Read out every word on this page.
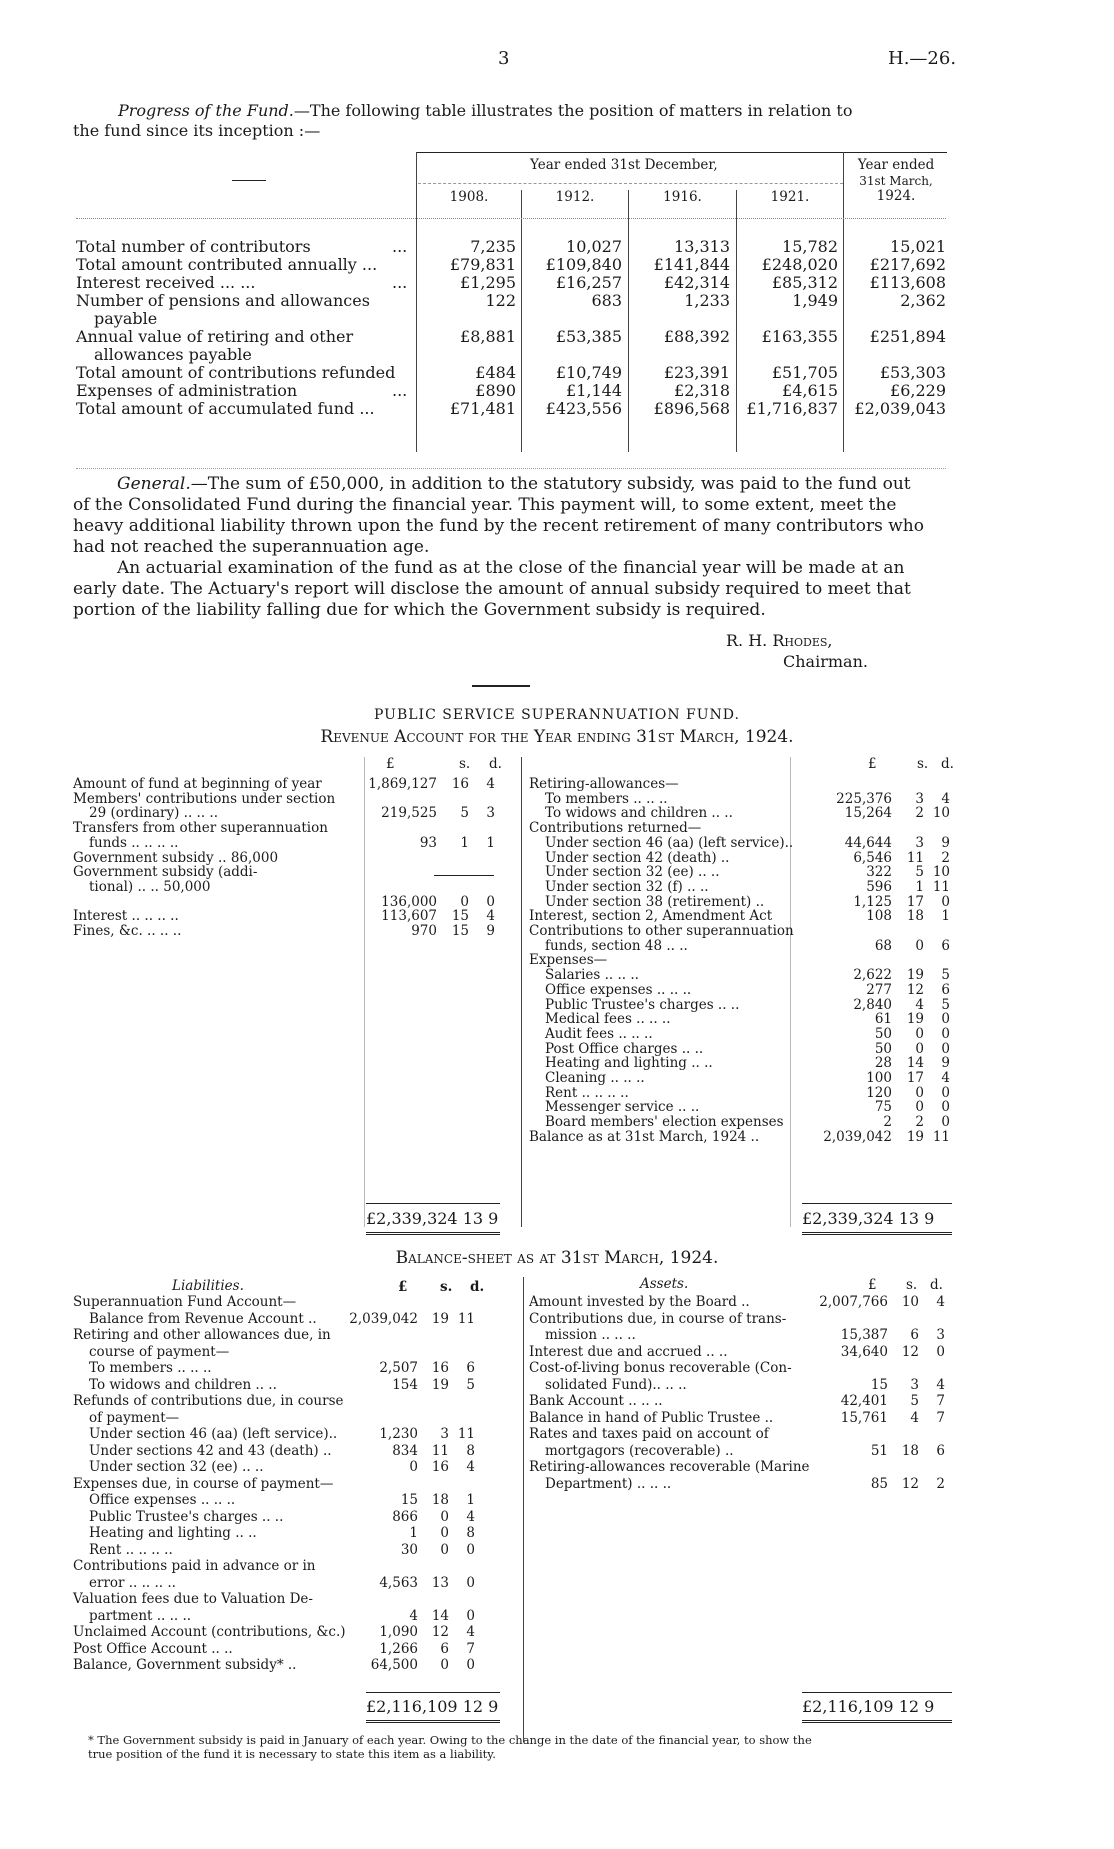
3	H.—26.
Progress of the Fund.—The following table illustrates the position of matters in relation to
the fund since its inception :—
Year ended 31st December,	Year ended
31st March,
1924.
1908.	1912.	1916.	1921.
Total number of contributors	...	7,235	10,027	13,313	15,782	15,021
Total amount contributed annually ...	£79,831	£109,840	£141,844	£248,020	£217,692
Interest received ... ...	...	£1,295	£16,257	£42,314	£85,312	£113,608
Number of pensions and allowances	122	683	1,233	1,949	2,362
payable
Annual value of retiring and other	£8,881	£53,385	£88,392	£163,355	£251,894
allowances payable
Total amount of contributions refunded	£484	£10,749	£23,391	£51,705	£53,303
Expenses of administration	...	£890	£1,144	£2,318	£4,615	£6,229
Total amount of accumulated fund ...	£71,481	£423,556	£896,568	£1,716,837	£2,039,043
General.—The sum of £50,000, in addition to the statutory subsidy, was paid to the fund out
of the Consolidated Fund during the financial year. This payment will, to some extent, meet the
heavy additional liability thrown upon the fund by the recent retirement of many contributors who
had not reached the superannuation age.
An actuarial examination of the fund as at the close of the financial year will be made at an
early date. The Actuary's report will disclose the amount of annual subsidy required to meet that
portion of the liability falling due for which the Government subsidy is required.
R. H. Rhodes,
Chairman.
PUBLIC SERVICE SUPERANNUATION FUND.
Revenue Account for the Year ending 31st March, 1924.
£	s. d.	£	s. d.
Amount of fund at beginning of year	1,869,127	16	4
Members' contributions under section
29 (ordinary) .. .. ..	219,525	5	3
Transfers from other superannuation
funds .. .. .. ..	93	1	1
Government subsidy .. 86,000
Government subsidy (addi-
tional) .. .. 50,000
136,000	0	0
Interest .. .. .. ..	113,607	15	4
Fines, &c. .. .. ..	970	15	9
Retiring-allowances—
To members .. .. ..	225,376	3	4
To widows and children .. ..	15,264	2 10
Contributions returned—
Under section 46 (aa) (left service)..	44,644	3	9
Under section 42 (death) ..	6,546	11	2
Under section 32 (ee) .. ..	322	5 10
Under section 32 (f) .. ..	596	1 11
Under section 38 (retirement) ..	1,125	17	0
Interest, section 2, Amendment Act	108	18	1
Contributions to other superannuation
funds, section 48 .. ..	68	0	6
Expenses—
Salaries .. .. ..	2,622	19	5
Office expenses .. .. ..	277	12	6
Public Trustee's charges .. ..	2,840	4	5
Medical fees .. .. ..	61	19	0
Audit fees .. .. ..	50	0	0
Post Office charges .. ..	50	0	0
Heating and lighting .. ..	28	14	9
Cleaning .. .. ..	100	17	4
Rent .. .. .. ..	120	0	0
Messenger service .. ..	75	0	0
Board members' election expenses	2	2	0
Balance as at 31st March, 1924 ..	2,039,042	19 11
£2,339,324 13 9	£2,339,324 13 9
Balance-sheet as at 31st March, 1924.
Liabilities.	Assets.
£ s. d.	£ s. d.
Superannuation Fund Account—
Balance from Revenue Account ..	2,039,042	19 11
Retiring and other allowances due, in
course of payment—
To members .. .. ..	2,507	16	6
To widows and children .. ..	154	19	5
Refunds of contributions due, in course
of payment—
Under section 46 (aa) (left service)..	1,230	3 11
Under sections 42 and 43 (death) ..	834	11	8
Under section 32 (ee) .. ..	0	16	4
Expenses due, in course of payment—
Office expenses .. .. ..	15	18	1
Public Trustee's charges .. ..	866	0	4
Heating and lighting .. ..	1	0	8
Rent .. .. .. ..	30	0	0
Contributions paid in advance or in
error .. .. .. ..	4,563	13	0
Valuation fees due to Valuation De-
partment .. .. ..	4	14	0
Unclaimed Account (contributions, &c.)	1,090	12	4
Post Office Account .. ..	1,266	6	7
Balance, Government subsidy* ..	64,500	0	0
Amount invested by the Board ..	2,007,766	10	4
Contributions due, in course of trans-
mission .. .. ..	15,387	6	3
Interest due and accrued .. ..	34,640	12	0
Cost-of-living bonus recoverable (Con-
solidated Fund).. .. ..	15	3	4
Bank Account .. .. ..	42,401	5	7
Balance in hand of Public Trustee ..	15,761	4	7
Rates and taxes paid on account of
mortgagors (recoverable) ..	51	18	6
Retiring-allowances recoverable (Marine
Department) .. .. ..	85	12	2
£2,116,109 12 9	£2,116,109 12 9
* The Government subsidy is paid in January of each year. Owing to the change in the date of the financial year, to show the
true position of the fund it is necessary to state this item as a liability.
